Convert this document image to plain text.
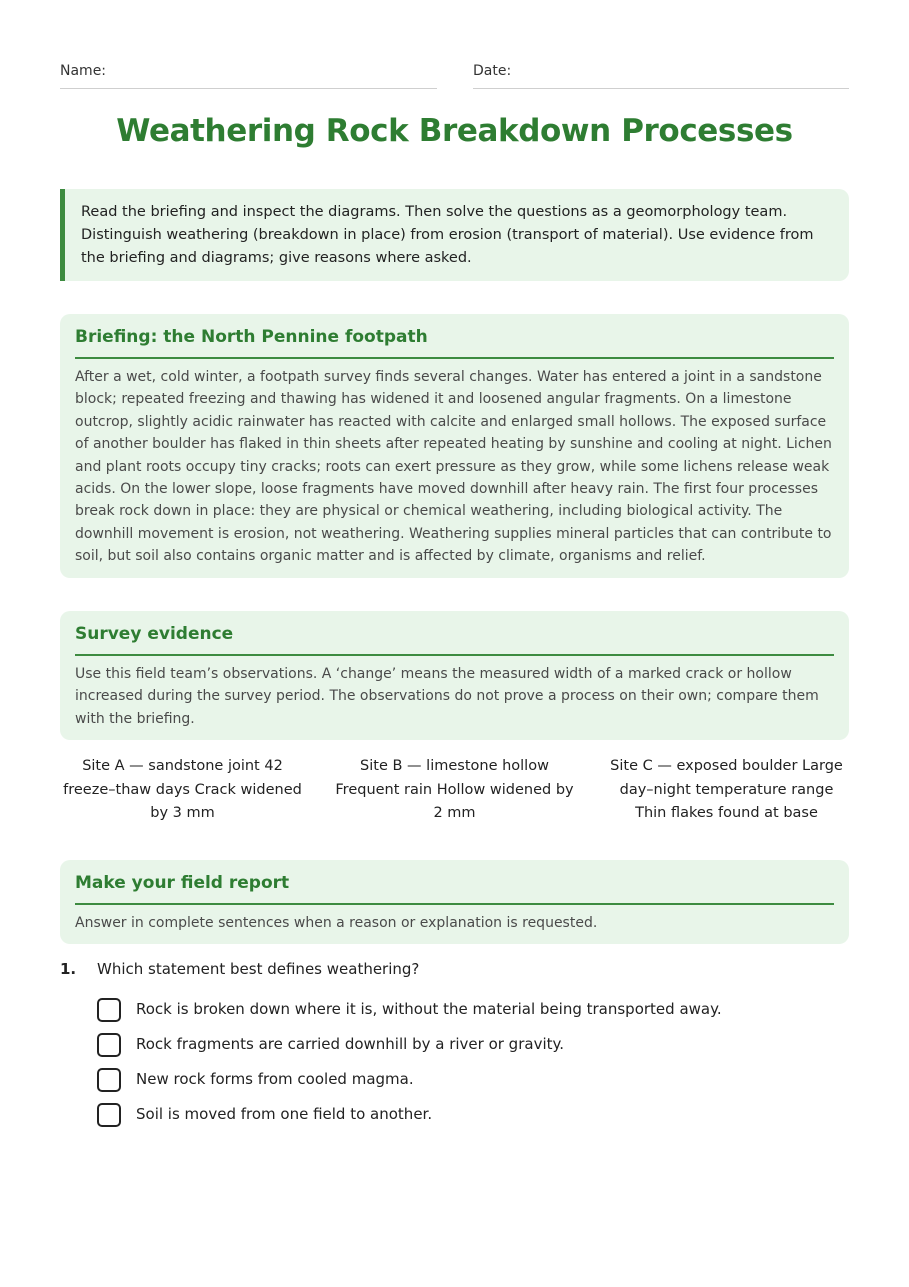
Name:	Date:
Weathering Rock Breakdown Processes
Read the briefing and inspect the diagrams. Then solve the questions as a geomorphology team. Distinguish weathering (breakdown in place) from erosion (transport of material). Use evidence from the briefing and diagrams; give reasons where asked.
Briefing: the North Pennine footpath

After a wet, cold winter, a footpath survey finds several changes. Water has entered a joint in a sandstone block; repeated freezing and thawing has widened it and loosened angular fragments. On a limestone outcrop, slightly acidic rainwater has reacted with calcite and enlarged small hollows. The exposed surface of another boulder has flaked in thin sheets after repeated heating by sunshine and cooling at night. Lichen and plant roots occupy tiny cracks; roots can exert pressure as they grow, while some lichens release weak acids. On the lower slope, loose fragments have moved downhill after heavy rain. The first four processes break rock down in place: they are physical or chemical weathering, including biological activity. The downhill movement is erosion, not weathering. Weathering supplies mineral particles that can contribute to soil, but soil also contains organic matter and is affected by climate, organisms and relief.

Survey evidence

Use this field team’s observations. A ‘change’ means the measured width of a marked crack or hollow increased during the survey period. The observations do not prove a process on their own; compare them with the briefing.

Site A — sandstone joint 42 freeze–thaw days Crack widened by 3 mm
Site B — limestone hollow Frequent rain Hollow widened by 2 mm
Site C — exposed boulder Large day–night temperature range Thin flakes found at base
Make your field report

Answer in complete sentences when a reason or explanation is requested.

1. Which statement best defines weathering?
Rock is broken down where it is, without the material being transported away.
Rock fragments are carried downhill by a river or gravity.
New rock forms from cooled magma.
Soil is moved from one field to another.
